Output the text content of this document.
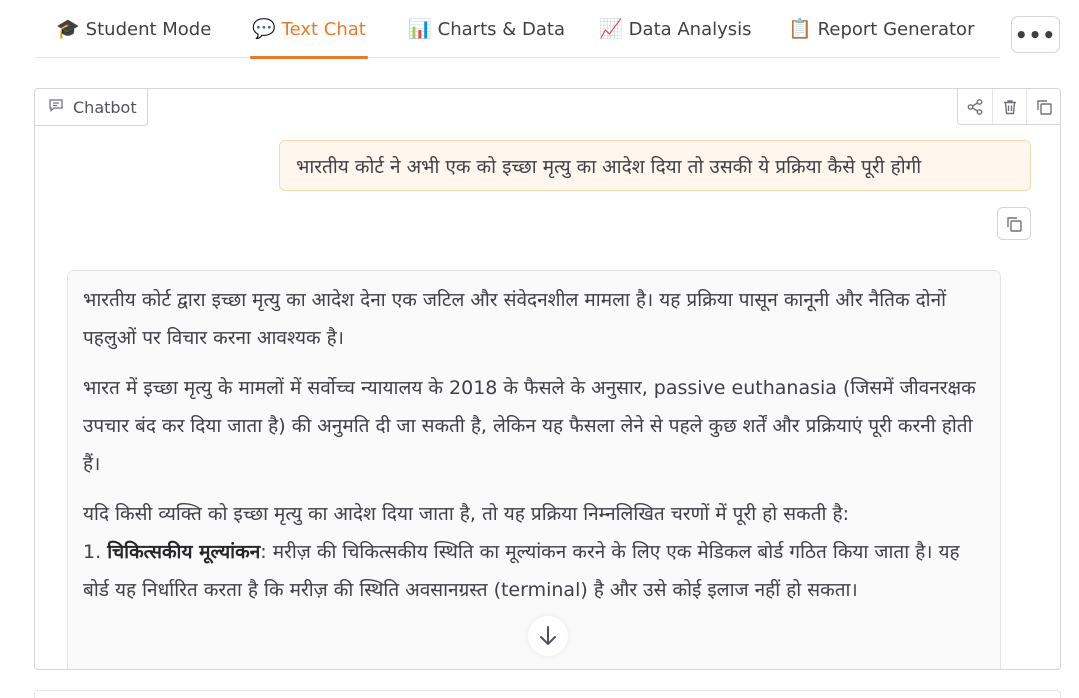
🎓 Student Mode 💬 Text Chat 📊 Charts & Data 📈 Data Analysis 📋 Report Generator •••
Chatbot
भारतीय कोर्ट ने अभी एक को इच्छा मृत्यु का आदेश दिया तो उसकी ये प्रक्रिया कैसे पूरी होगी

भारतीय कोर्ट द्वारा इच्छा मृत्यु का आदेश देना एक जटिल और संवेदनशील मामला है। यह प्रक्रिया पासून कानूनी और नैतिक दोनों पहलुओं पर विचार करना आवश्यक है।

भारत में इच्छा मृत्यु के मामलों में सर्वोच्च न्यायालय के 2018 के फैसले के अनुसार, passive euthanasia (जिसमें जीवनरक्षक उपचार बंद कर दिया जाता है) की अनुमति दी जा सकती है, लेकिन यह फैसला लेने से पहले कुछ शर्तें और प्रक्रियाएं पूरी करनी होती हैं।

यदि किसी व्यक्ति को इच्छा मृत्यु का आदेश दिया जाता है, तो यह प्रक्रिया निम्नलिखित चरणों में पूरी हो सकती है:

1. चिकित्सकीय मूल्यांकन: मरीज़ की चिकित्सकीय स्थिति का मूल्यांकन करने के लिए एक मेडिकल बोर्ड गठित किया जाता है। यह बोर्ड यह निर्धारित करता है कि मरीज़ की स्थिति अवसानग्रस्त (terminal) है और उसे कोई इलाज नहीं हो सकता।
